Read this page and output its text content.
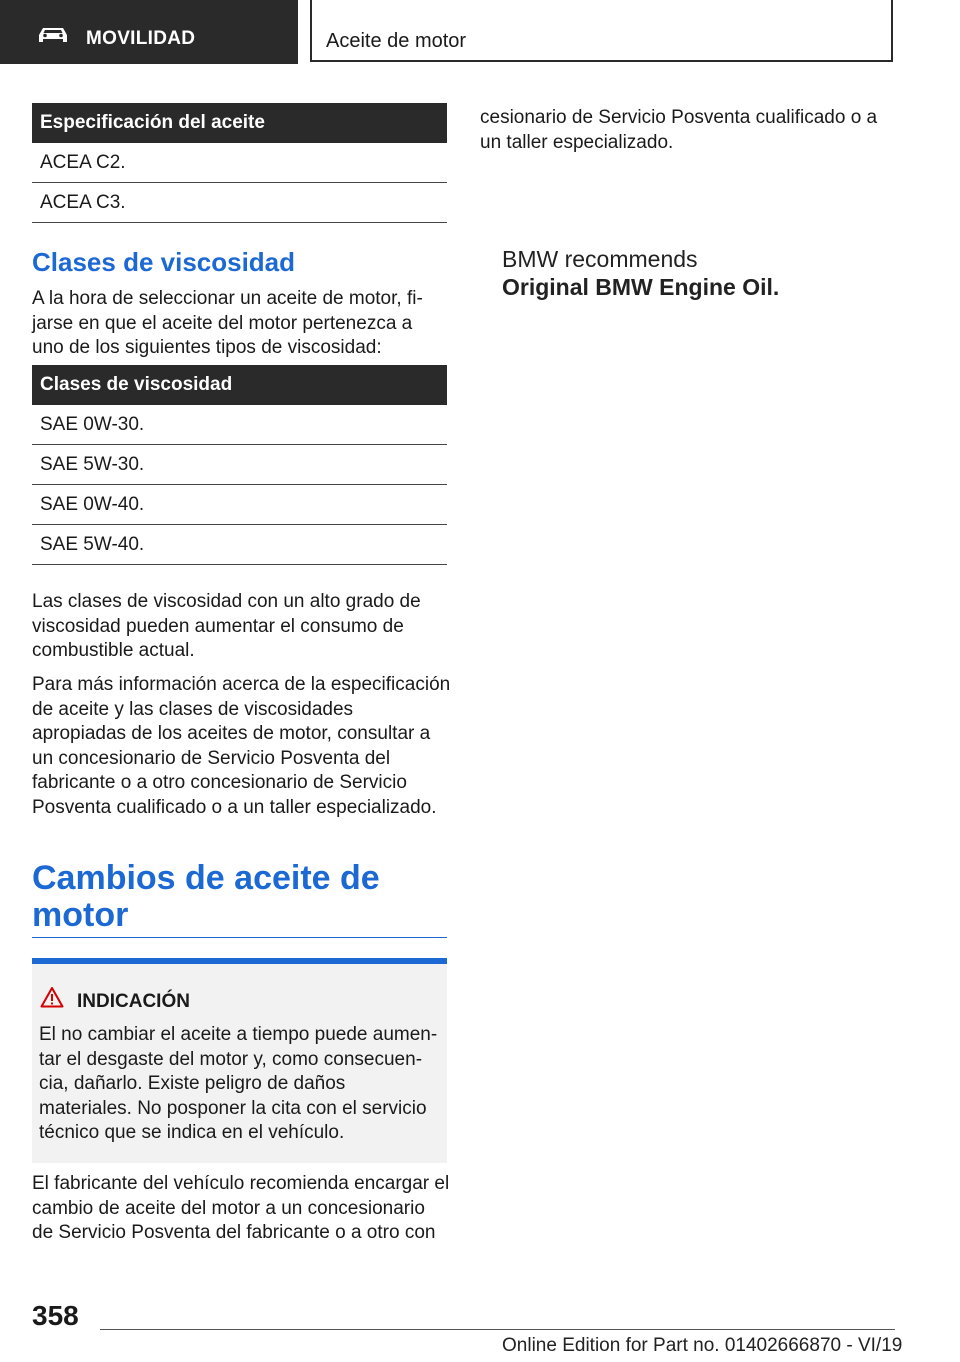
MOVILIDAD	Aceite de motor
Especificación del aceite
ACEA C2.
ACEA C3.
Clases de viscosidad
A la hora de seleccionar un aceite de motor, fijarse en que el aceite del motor pertenezca a uno de los siguientes tipos de viscosidad:
Clases de viscosidad
SAE 0W-30.
SAE 5W-30.
SAE 0W-40.
SAE 5W-40.
Las clases de viscosidad con un alto grado de viscosidad pueden aumentar el consumo de combustible actual.
Para más información acerca de la especificación de aceite y las clases de viscosidades apropiadas de los aceites de motor, consultar a un concesionario de Servicio Posventa del fabricante o a otro concesionario de Servicio Posventa cualificado o a un taller especializado.
Cambios de aceite de motor
INDICACIÓN
El no cambiar el aceite a tiempo puede aumentar el desgaste del motor y, como consecuencia, dañarlo. Existe peligro de daños materiales. No posponer la cita con el servicio técnico que se indica en el vehículo.
El fabricante del vehículo recomienda encargar el cambio de aceite del motor a un concesionario de Servicio Posventa del fabricante o a otro con
cesionario de Servicio Posventa cualificado o a un taller especializado.
BMW recommends
Original BMW Engine Oil.
358
Online Edition for Part no. 01402666870 - VI/19
